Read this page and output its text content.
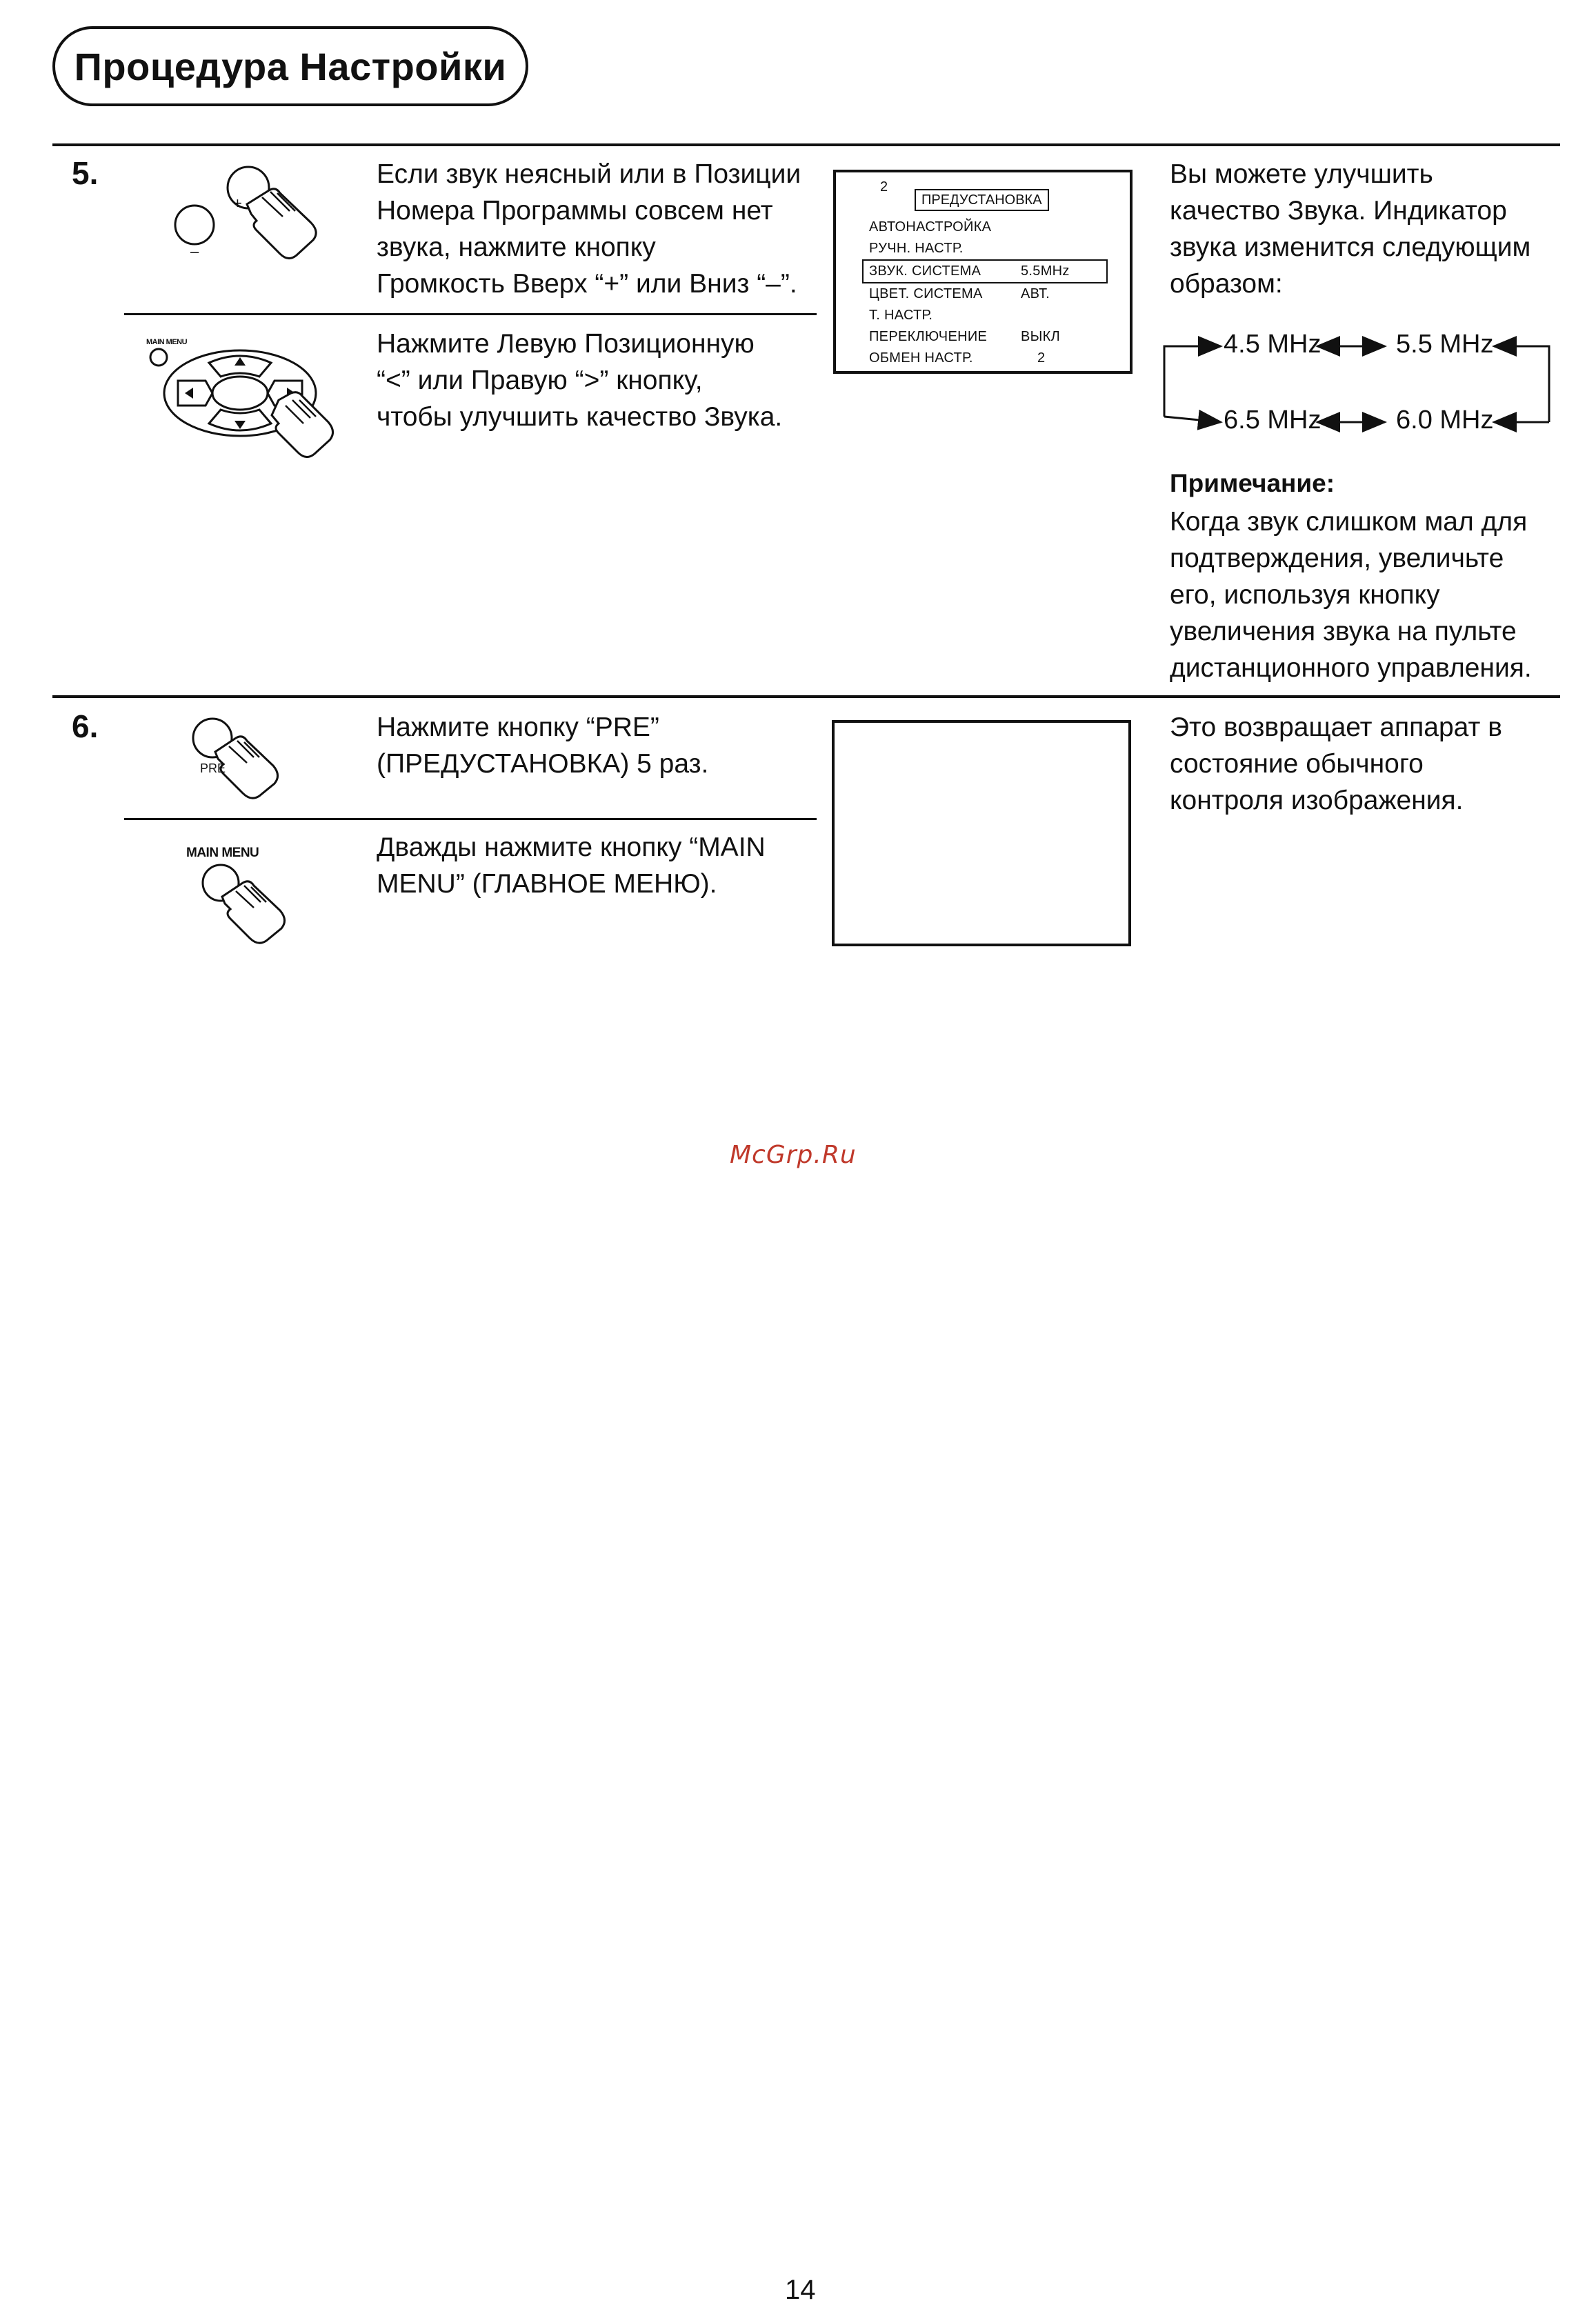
Процедура Настройки
5.
+
–

Если звук неясный или в Позиции

Номера Программы совсем нет

звука, нажмите кнопку

Громкость Вверх “+” или Вниз “–”.

MAIN MENU	Нажмите Левую Позиционную

“<” или Правую “>” кнопку,

чтобы улучшить качество Звука.

2
ПРЕДУСТАНОВКА
АВТОНАСТРОЙКА
РУЧН. НАСТР.
ЗВУК. СИСТЕМА	5.5MHz
ЦВЕТ. СИСТЕМА	АВТ.
Т. НАСТР.
ПЕРЕКЛЮЧЕНИЕ	ВЫКЛ
ОБМЕН НАСТР.	2

Вы можете улучшить

качество Звука. Индикатор

звука изменится следующим

образом:

4.5 MHz	5.5 MHz
6.5 MHz	6.0 MHz
Примечание:

Когда звук слишком мал для

подтверждения, увеличьте

его, используя кнопку

увеличения звука на пульте

дистанционного управления.

6.
PRE

Нажмите кнопку “PRE”

(ПРЕДУСТАНОВКА) 5 раз.

MAIN MENU	Дважды нажмите кнопку “MAIN

MENU” (ГЛАВНОЕ МЕНЮ).

Это возвращает аппарат в

состояние обычного

контроля изображения.

McGrp.Ru
14
